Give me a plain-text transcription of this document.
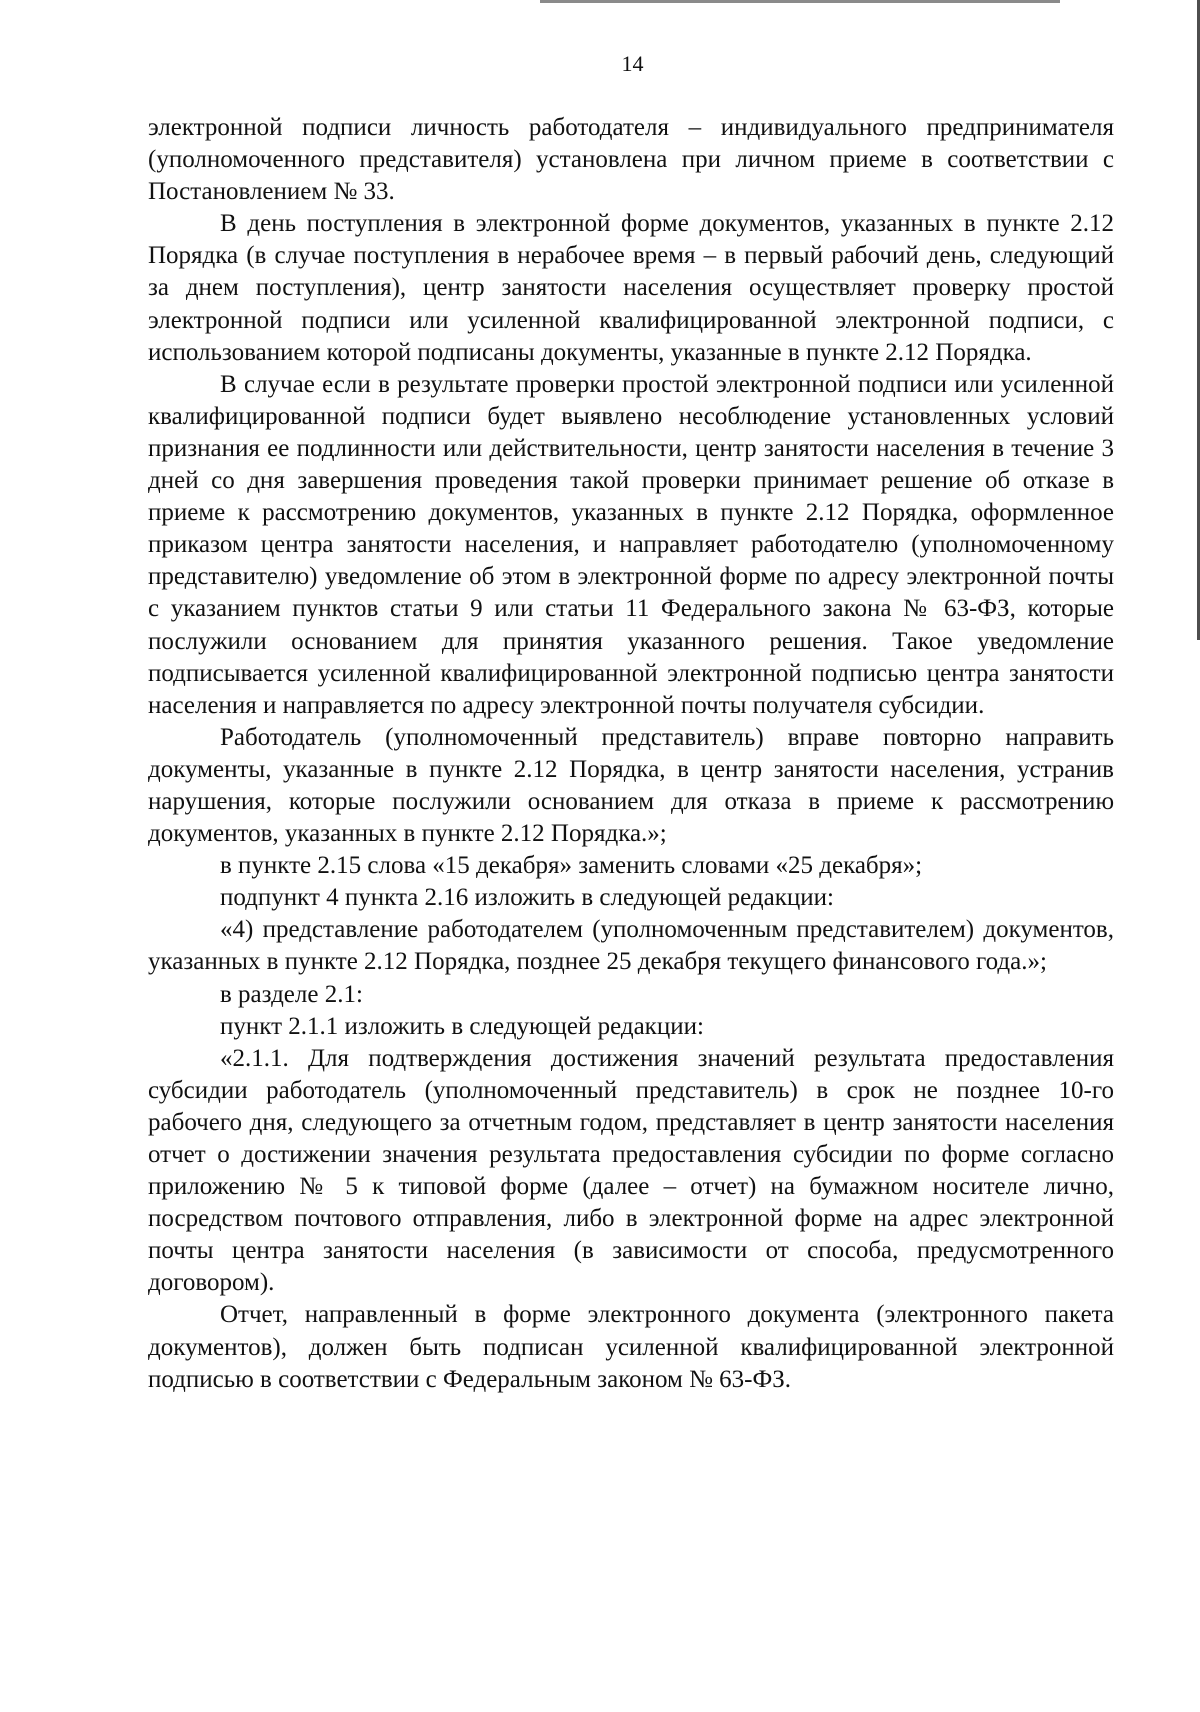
14

электронной подписи личность работодателя – индивидуального предпринимателя (уполномоченного представителя) установлена при личном приеме в соответствии с Постановлением № 33.

В день поступления в электронной форме документов, указанных в пункте 2.12 Порядка (в случае поступления в нерабочее время – в первый рабочий день, следующий за днем поступления), центр занятости населения осуществляет проверку простой электронной подписи или усиленной квалифицированной электронной подписи, с использованием которой подписаны документы, указанные в пункте 2.12 Порядка.

В случае если в результате проверки простой электронной подписи или усиленной квалифицированной подписи будет выявлено несоблюдение установленных условий признания ее подлинности или действительности, центр занятости населения в течение 3 дней со дня завершения проведения такой проверки принимает решение об отказе в приеме к рассмотрению документов, указанных в пункте 2.12 Порядка, оформленное приказом центра занятости населения, и направляет работодателю (уполномоченному представителю) уведомление об этом в электронной форме по адресу электронной почты с указанием пунктов статьи 9 или статьи 11 Федерального закона № 63-ФЗ, которые послужили основанием для принятия указанного решения. Такое уведомление подписывается усиленной квалифицированной электронной подписью центра занятости населения и направляется по адресу электронной почты получателя субсидии.

Работодатель (уполномоченный представитель) вправе повторно направить документы, указанные в пункте 2.12 Порядка, в центр занятости населения, устранив нарушения, которые послужили основанием для отказа в приеме к рассмотрению документов, указанных в пункте 2.12 Порядка.»;

в пункте 2.15 слова «15 декабря» заменить словами «25 декабря»;

подпункт 4 пункта 2.16 изложить в следующей редакции:

«4) представление работодателем (уполномоченным представителем) документов, указанных в пункте 2.12 Порядка, позднее 25 декабря текущего финансового года.»;

в разделе 2.1:

пункт 2.1.1 изложить в следующей редакции:

«2.1.1. Для подтверждения достижения значений результата предоставления субсидии работодатель (уполномоченный представитель) в срок не позднее 10-го рабочего дня, следующего за отчетным годом, представляет в центр занятости населения отчет о достижении значения результата предоставления субсидии по форме согласно приложению № 5 к типовой форме (далее – отчет) на бумажном носителе лично, посредством почтового отправления, либо в электронной форме на адрес электронной почты центра занятости населения (в зависимости от способа, предусмотренного договором).

Отчет, направленный в форме электронного документа (электронного пакета документов), должен быть подписан усиленной квалифицированной электронной подписью в соответствии с Федеральным законом № 63-ФЗ.
